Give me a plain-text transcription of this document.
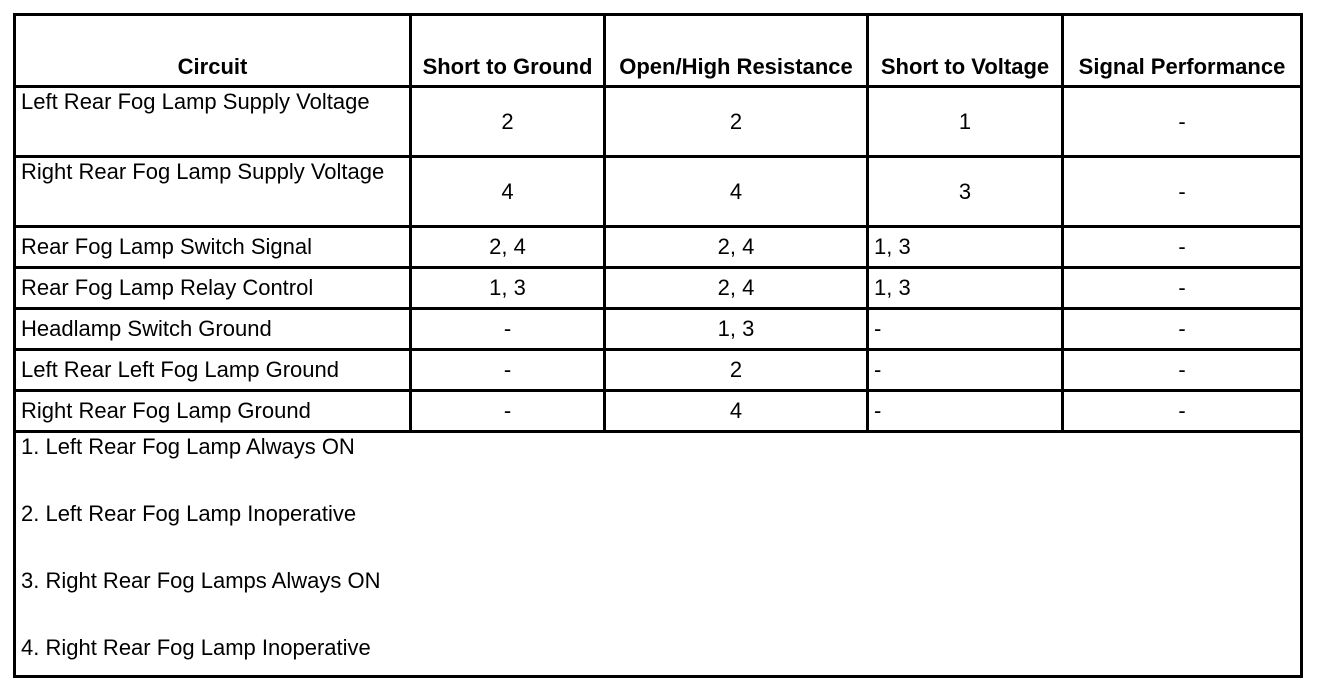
Circuit	Short to Ground	Open/High Resistance	Short to Voltage	Signal Performance
Left Rear Fog Lamp Supply Voltage	2	2	1	-
Right Rear Fog Lamp Supply Voltage	4	4	3	-
Rear Fog Lamp Switch Signal	2, 4	2, 4	1, 3	-
Rear Fog Lamp Relay Control	1, 3	2, 4	1, 3	-
Headlamp Switch Ground	-	1, 3	-	-
Left Rear Left Fog Lamp Ground	-	2	-	-
Right Rear Fog Lamp Ground	-	4	-	-

1. Left Rear Fog Lamp Always ON
2. Left Rear Fog Lamp Inoperative
3. Right Rear Fog Lamps Always ON
4. Right Rear Fog Lamp Inoperative				
